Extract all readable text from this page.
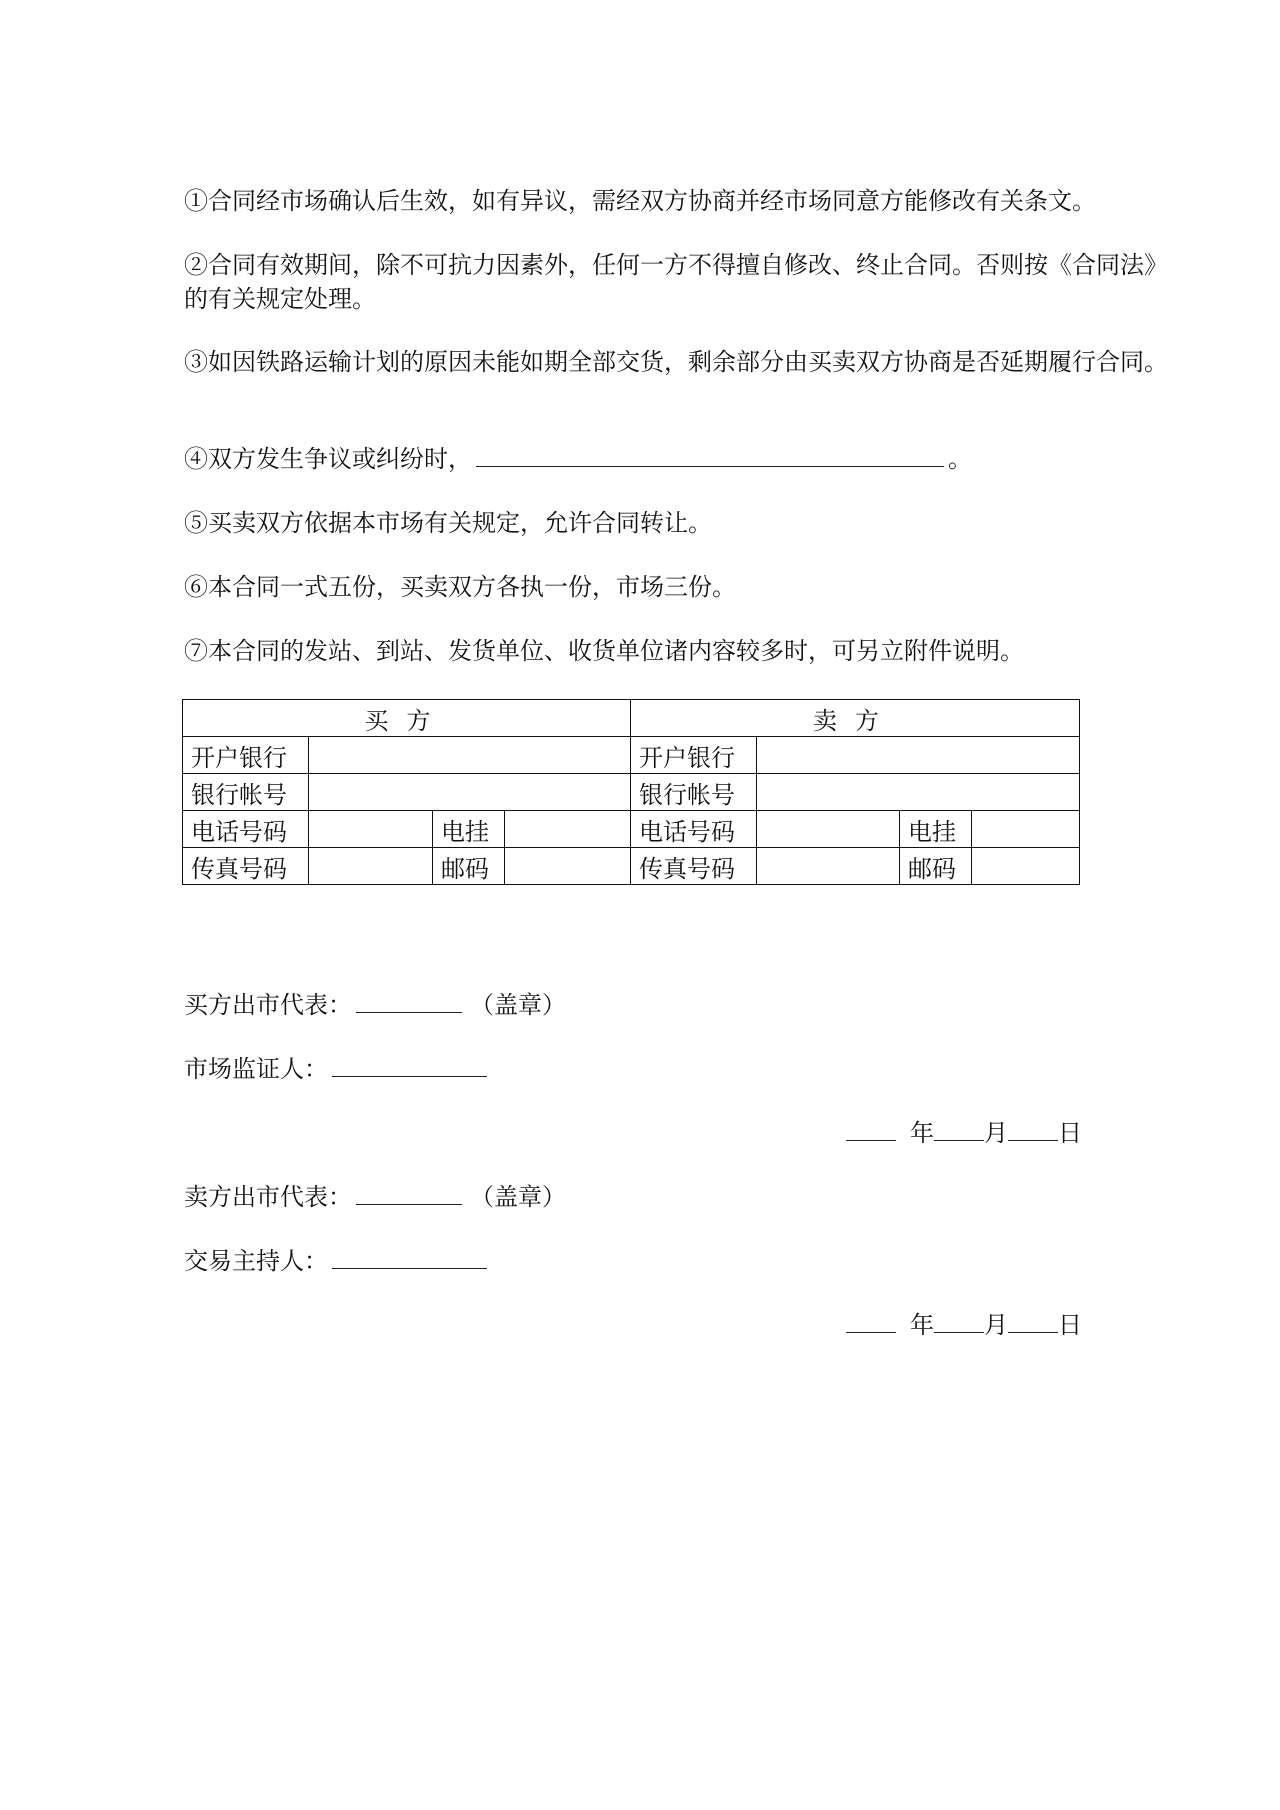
①合同经市场确认后生效，如有异议，需经双方协商并经市场同意方能修改有关条文。

②合同有效期间，除不可抗力因素外，任何一方不得擅自修改、终止合同。否则按《合同法》的有关规定处理。

③如因铁路运输计划的原因未能如期全部交货，剩余部分由买卖双方协商是否延期履行合同。

④双方发生争议或纠纷时，	。

⑤买卖双方依据本市场有关规定，允许合同转让。

⑥本合同一式五份，买卖双方各执一份，市场三份。

⑦本合同的发站、到站、发货单位、收货单位诸内容较多时，可另立附件说明。

买方				卖方			
开户银行				开户银行			
银行帐号				银行帐号			
电话号码		电挂		电话号码		电挂	
传真号码		邮码		传真号码		邮码	

买方出市代表：	（盖章）

市场监证人：

年 月 日

卖方出市代表：	（盖章）

交易主持人：

年 月 日
